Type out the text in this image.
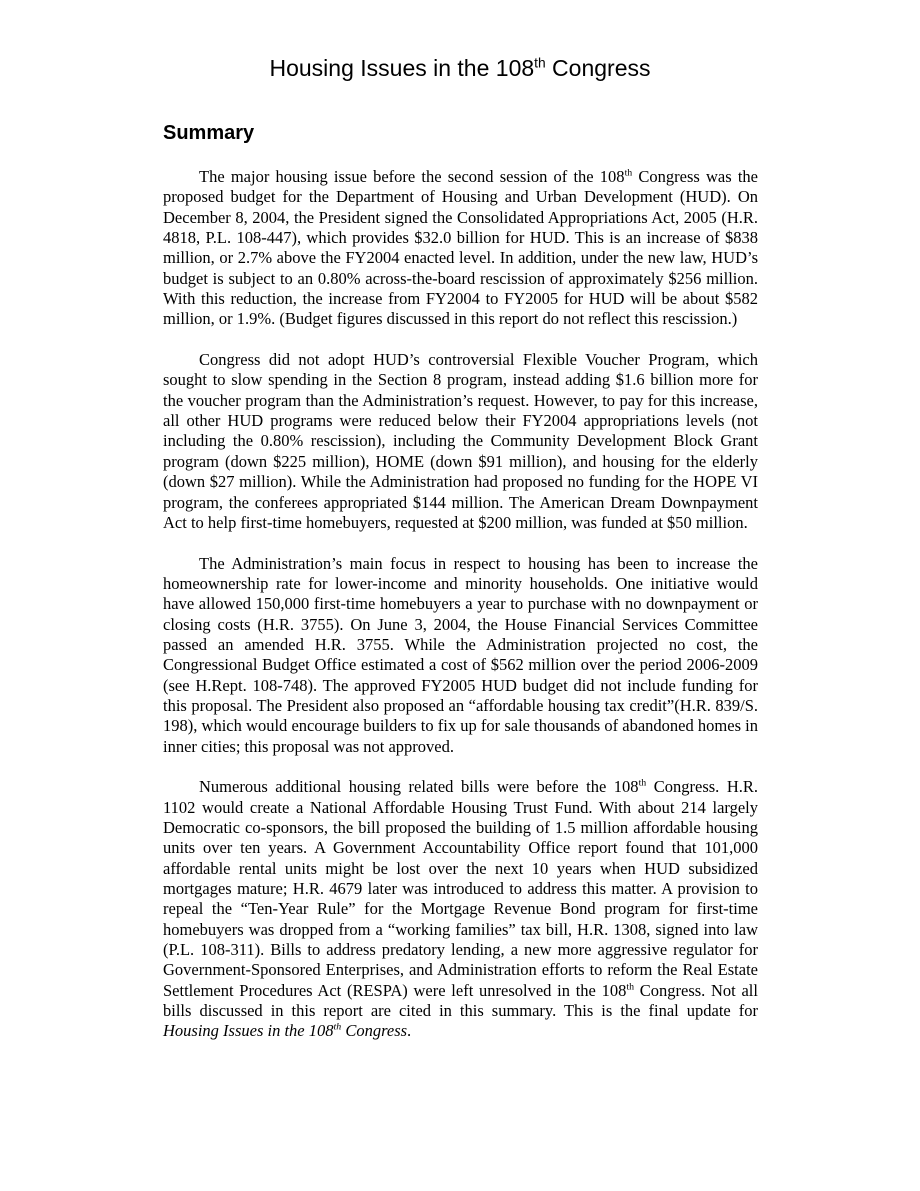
Housing Issues in the 108th Congress
Summary

The major housing issue before the second session of the 108th Congress was the proposed budget for the Department of Housing and Urban Development (HUD). On December 8, 2004, the President signed the Consolidated Appropriations Act, 2005 (H.R. 4818, P.L. 108-447), which provides $32.0 billion for HUD. This is an increase of $838 million, or 2.7% above the FY2004 enacted level. In addition, under the new law, HUD’s budget is subject to an 0.80% across-the-board rescission of approximately $256 million. With this reduction, the increase from FY2004 to FY2005 for HUD will be about $582 million, or 1.9%. (Budget figures discussed in this report do not reflect this rescission.)

Congress did not adopt HUD’s controversial Flexible Voucher Program, which sought to slow spending in the Section 8 program, instead adding $1.6 billion more for the voucher program than the Administration’s request. However, to pay for this increase, all other HUD programs were reduced below their FY2004 appropriations levels (not including the 0.80% rescission), including the Community Development Block Grant program (down $225 million), HOME (down $91 million), and housing for the elderly (down $27 million). While the Administration had proposed no funding for the HOPE VI program, the conferees appropriated $144 million. The American Dream Downpayment Act to help first-time homebuyers, requested at $200 million, was funded at $50 million.

The Administration’s main focus in respect to housing has been to increase the homeownership rate for lower-income and minority households. One initiative would have allowed 150,000 first-time homebuyers a year to purchase with no downpayment or closing costs (H.R. 3755). On June 3, 2004, the House Financial Services Committee passed an amended H.R. 3755. While the Administration projected no cost, the Congressional Budget Office estimated a cost of $562 million over the period 2006-2009 (see H.Rept. 108-748). The approved FY2005 HUD budget did not include funding for this proposal. The President also proposed an “affordable housing tax credit”(H.R. 839/S. 198), which would encourage builders to fix up for sale thousands of abandoned homes in inner cities; this proposal was not approved.

Numerous additional housing related bills were before the 108th Congress. H.R. 1102 would create a National Affordable Housing Trust Fund. With about 214 largely Democratic co-sponsors, the bill proposed the building of 1.5 million affordable housing units over ten years. A Government Accountability Office report found that 101,000 affordable rental units might be lost over the next 10 years when HUD subsidized mortgages mature; H.R. 4679 later was introduced to address this matter. A provision to repeal the “Ten-Year Rule” for the Mortgage Revenue Bond program for first-time homebuyers was dropped from a “working families” tax bill, H.R. 1308, signed into law (P.L. 108-311). Bills to address predatory lending, a new more aggressive regulator for Government-Sponsored Enterprises, and Administration efforts to reform the Real Estate Settlement Procedures Act (RESPA) were left unresolved in the 108th Congress. Not all bills discussed in this report are cited in this summary. This is the final update for Housing Issues in the 108th Congress.
